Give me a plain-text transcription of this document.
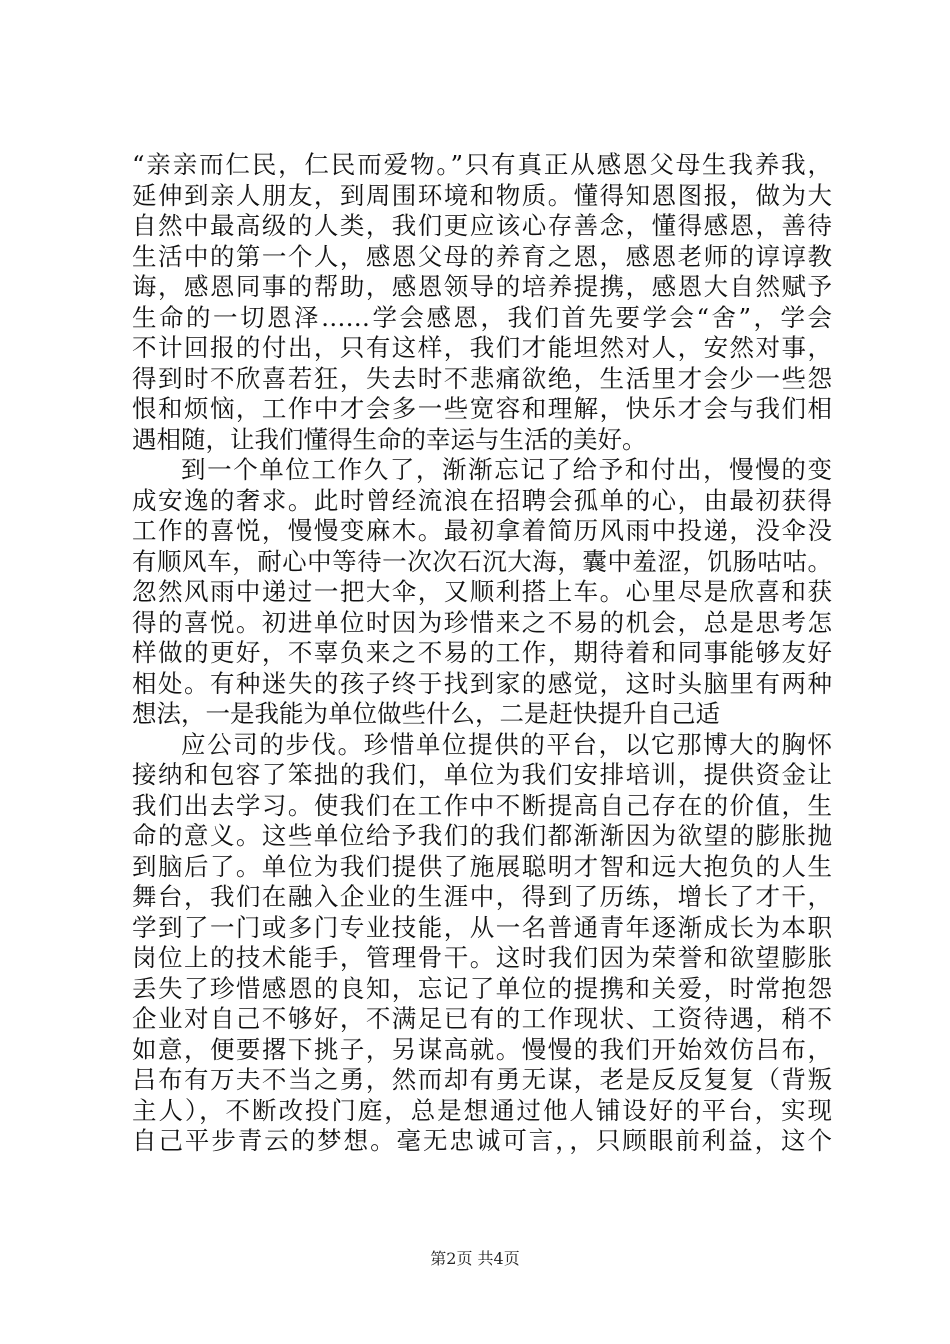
“亲亲而仁民，仁民而爱物。”只有真正从感恩父母生我养我，
延伸到亲人朋友，到周围环境和物质。懂得知恩图报，做为大
自然中最高级的人类，我们更应该心存善念，懂得感恩，善待
生活中的第一个人，感恩父母的养育之恩，感恩老师的谆谆教
诲，感恩同事的帮助，感恩领导的培养提携，感恩大自然赋予
生命的一切恩泽……学会感恩，我们首先要学会“舍”，学会
不计回报的付出，只有这样，我们才能坦然对人，安然对事，
得到时不欣喜若狂，失去时不悲痛欲绝，生活里才会少一些怨
恨和烦恼，工作中才会多一些宽容和理解，快乐才会与我们相
遇相随，让我们懂得生命的幸运与生活的美好。
到一个单位工作久了，渐渐忘记了给予和付出，慢慢的变
成安逸的奢求。此时曾经流浪在招聘会孤单的心，由最初获得
工作的喜悦，慢慢变麻木。最初拿着简历风雨中投递，没伞没
有顺风车，耐心中等待一次次石沉大海，囊中羞涩，饥肠咕咕。
忽然风雨中递过一把大伞，又顺利搭上车。心里尽是欣喜和获
得的喜悦。初进单位时因为珍惜来之不易的机会，总是思考怎
样做的更好，不辜负来之不易的工作，期待着和同事能够友好
相处。有种迷失的孩子终于找到家的感觉，这时头脑里有两种
想法，一是我能为单位做些什么，二是赶快提升自己适
应公司的步伐。珍惜单位提供的平台，以它那博大的胸怀
接纳和包容了笨拙的我们，单位为我们安排培训，提供资金让
我们出去学习。使我们在工作中不断提高自己存在的价值，生
命的意义。这些单位给予我们的我们都渐渐因为欲望的膨胀抛
到脑后了。单位为我们提供了施展聪明才智和远大抱负的人生
舞台，我们在融入企业的生涯中，得到了历练，增长了才干，
学到了一门或多门专业技能，从一名普通青年逐渐成长为本职
岗位上的技术能手，管理骨干。这时我们因为荣誉和欲望膨胀
丢失了珍惜感恩的良知，忘记了单位的提携和关爱，时常抱怨
企业对自己不够好，不满足已有的工作现状、工资待遇，稍不
如意，便要撂下挑子，另谋高就。慢慢的我们开始效仿吕布，
吕布有万夫不当之勇，然而却有勇无谋，老是反反复复（背叛
主人），不断改投门庭，总是想通过他人铺设好的平台，实现
自己平步青云的梦想。毫无忠诚可言，，只顾眼前利益，这个
第2页 共4页
